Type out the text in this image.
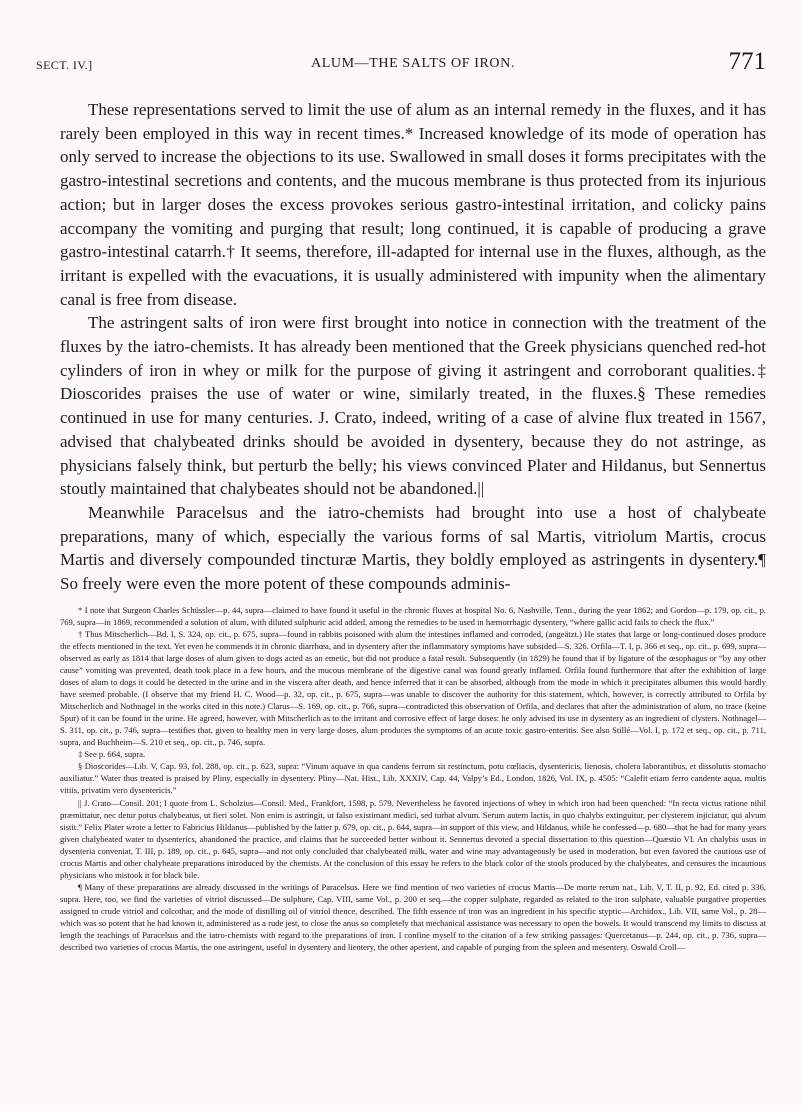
SECT. IV.]	ALUM—THE SALTS OF IRON.	771

These representations served to limit the use of alum as an internal remedy in the fluxes, and it has rarely been employed in this way in recent times.* Increased knowledge of its mode of operation has only served to increase the objections to its use. Swallowed in small doses it forms precipitates with the gastro-intestinal secretions and contents, and the mucous membrane is thus protected from its injurious action; but in larger doses the excess provokes serious gastro-intestinal irritation, and colicky pains accompany the vomiting and purging that result; long continued, it is capable of producing a grave gastro-intestinal catarrh.† It seems, therefore, ill-adapted for internal use in the fluxes, although, as the irritant is expelled with the evacuations, it is usually administered with impunity when the alimentary canal is free from disease.

The astringent salts of iron were first brought into notice in connection with the treatment of the fluxes by the iatro-chemists. It has already been mentioned that the Greek physicians quenched red-hot cylinders of iron in whey or milk for the purpose of giving it astringent and corroborant qualities.‡ Dioscorides praises the use of water or wine, similarly treated, in the fluxes.§ These remedies continued in use for many centuries. J. Crato, indeed, writing of a case of alvine flux treated in 1567, advised that chalybeated drinks should be avoided in dysentery, because they do not astringe, as physicians falsely think, but perturb the belly; his views convinced Plater and Hildanus, but Sennertus stoutly maintained that chalybeates should not be abandoned.||

Meanwhile Paracelsus and the iatro-chemists had brought into use a host of chalybeate preparations, many of which, especially the various forms of sal Martis, vitriolum Martis, crocus Martis and diversely compounded tincturæ Martis, they boldly employed as astringents in dysentery.¶ So freely were even the more potent of these compounds adminis-

* I note that Surgeon Charles Schüssler—p. 44, supra—claimed to have found it useful in the chronic fluxes at hospital No. 6, Nashville, Tenn., during the year 1862; and Gordon—p. 179, op. cit., p. 769, supra—in 1869, recommended a solution of alum, with diluted sulphuric acid added, among the remedies to be used in hæmorrhagic dysentery, “where gallic acid fails to check the flux.”

† Thus Mitscherlich—Bd. I, S. 324, op. cit., p. 675, supra—found in rabbits poisoned with alum the intestines inflamed and corroded, (angeätzt.) He states that large or long-continued doses produce the effects mentioned in the text. Yet even he commends it in chronic diarrhœa, and in dysentery after the inflammatory symptoms have subsided—S. 326. Orfila—T. I, p. 366 et seq., op. cit., p. 699, supra—observed as early as 1814 that large doses of alum given to dogs acted as an emetic, but did not produce a fatal result. Subsequently (in 1829) he found that if by ligature of the œsophagus or “by any other cause” vomiting was prevented, death took place in a few hours, and the mucous membrane of the digestive canal was found greatly inflamed. Orfila found furthermore that after the exhibition of large doses of alum to dogs it could be detected in the urine and in the viscera after death, and hence inferred that it can be absorbed, although from the mode in which it precipitates albumen this would hardly have seemed probable. (I observe that my friend H. C. Wood—p. 32, op. cit., p. 675, supra—was unable to discover the authority for this statement, which, however, is correctly attributed to Orfila by Mitscherlich and Nothnagel in the works cited in this note.) Clarus—S. 169, op. cit., p. 766, supra—contradicted this observation of Orfila, and declares that after the administration of alum, no trace (keine Spur) of it can be found in the urine. He agreed, however, with Mitscherlich as to the irritant and corrosive effect of large doses: he only advised its use in dysentery as an ingredient of clysters. Nothnagel—S. 311, op. cit., p. 746, supra—testifies that, given to healthy men in very large doses, alum produces the symptoms of an acute toxic gastro-enteritis. See also Stillé—Vol. I, p. 172 et seq., op. cit., p. 711, supra, and Buchheim—S. 210 et seq., op. cit., p. 746, supra.

‡ See p. 664, supra.

§ Dioscorides—Lib. V, Cap. 93, fol. 288, op. cit., p. 623, supra: “Vinum aquave in qua candens ferrum sit restinctum, potu cœliacis, dysentericis, lienosis, cholera laborantibus, et dissolutis stomacho auxiliatur.” Water thus treated is praised by Pliny, especially in dysentery. Pliny—Nat. Hist., Lib. XXXIV, Cap. 44, Valpy’s Ed., London, 1826, Vol. IX, p. 4505: “Calefit etiam ferro candente aqua, multis vitiis, privatim vero dysentericis.”

|| J. Crato—Consil. 201; I quote from L. Scholzius—Consil. Med., Frankfort, 1598, p. 579. Nevertheless he favored injections of whey in which iron had been quenched: “In recta victus ratione nihil præmittatur, nec detur potus chalybeatus, ut fieri solet. Non enim is astringit, ut falso existimant medici, sed turbat alvum. Serum autem lactis, in quo chalybs extinguitur, per clysterem injiciatur, qui alvum sistit.” Felix Plater wrote a letter to Fabricius Hildanus—published by the latter p. 679, op. cit., p. 644, supra—in support of this view, and Hildanus, while he confessed—p. 680—that he had for many years given chalybeated water to dysenterics, abandoned the practice, and claims that he succeeded better without it. Sennertus devoted a special dissertation to this question—Quæstio VI. An chalybis usus in dysenteria conveniat, T. III, p. 189, op. cit., p. 645, supra—and not only concluded that chalybeated milk, water and wine may advantageously be used in moderation, but even favored the cautious use of crocus Martis and other chalybeate preparations introduced by the chemists. At the conclusion of this essay he refers to the black color of the stools produced by the chalybeates, and censures the incautious physicians who mistook it for black bile.

¶ Many of these preparations are already discussed in the writings of Paracelsus. Here we find mention of two varieties of crocus Martis—De morte rerum nat., Lib. V, T. II, p. 92, Ed. cited p. 336, supra. Here, too, we find the varieties of vitriol discussed—De sulphure, Cap. VIII, same Vol., p. 200 et seq.—the copper sulphate, regarded as related to the iron sulphate, valuable purgative properties assigned to crude vitriol and colcothar, and the mode of distilling oil of vitriol thence, described. The fifth essence of iron was an ingredient in his specific styptic—Archidox., Lib. VII, same Vol., p. 28—which was so potent that he had known it, administered as a rude jest, to close the anus so completely that mechanical assistance was necessary to open the bowels. It would transcend my limits to discuss at length the teachings of Paracelsus and the iatro-chemists with regard to the preparations of iron. I confine myself to the citation of a few striking passages: Quercetanus—p. 244, op. cit., p. 736, supra—described two varieties of crocus Martis, the one astringent, useful in dysentery and lientery, the other aperient, and capable of purging from the spleen and mesentery. Oswald Croll—
